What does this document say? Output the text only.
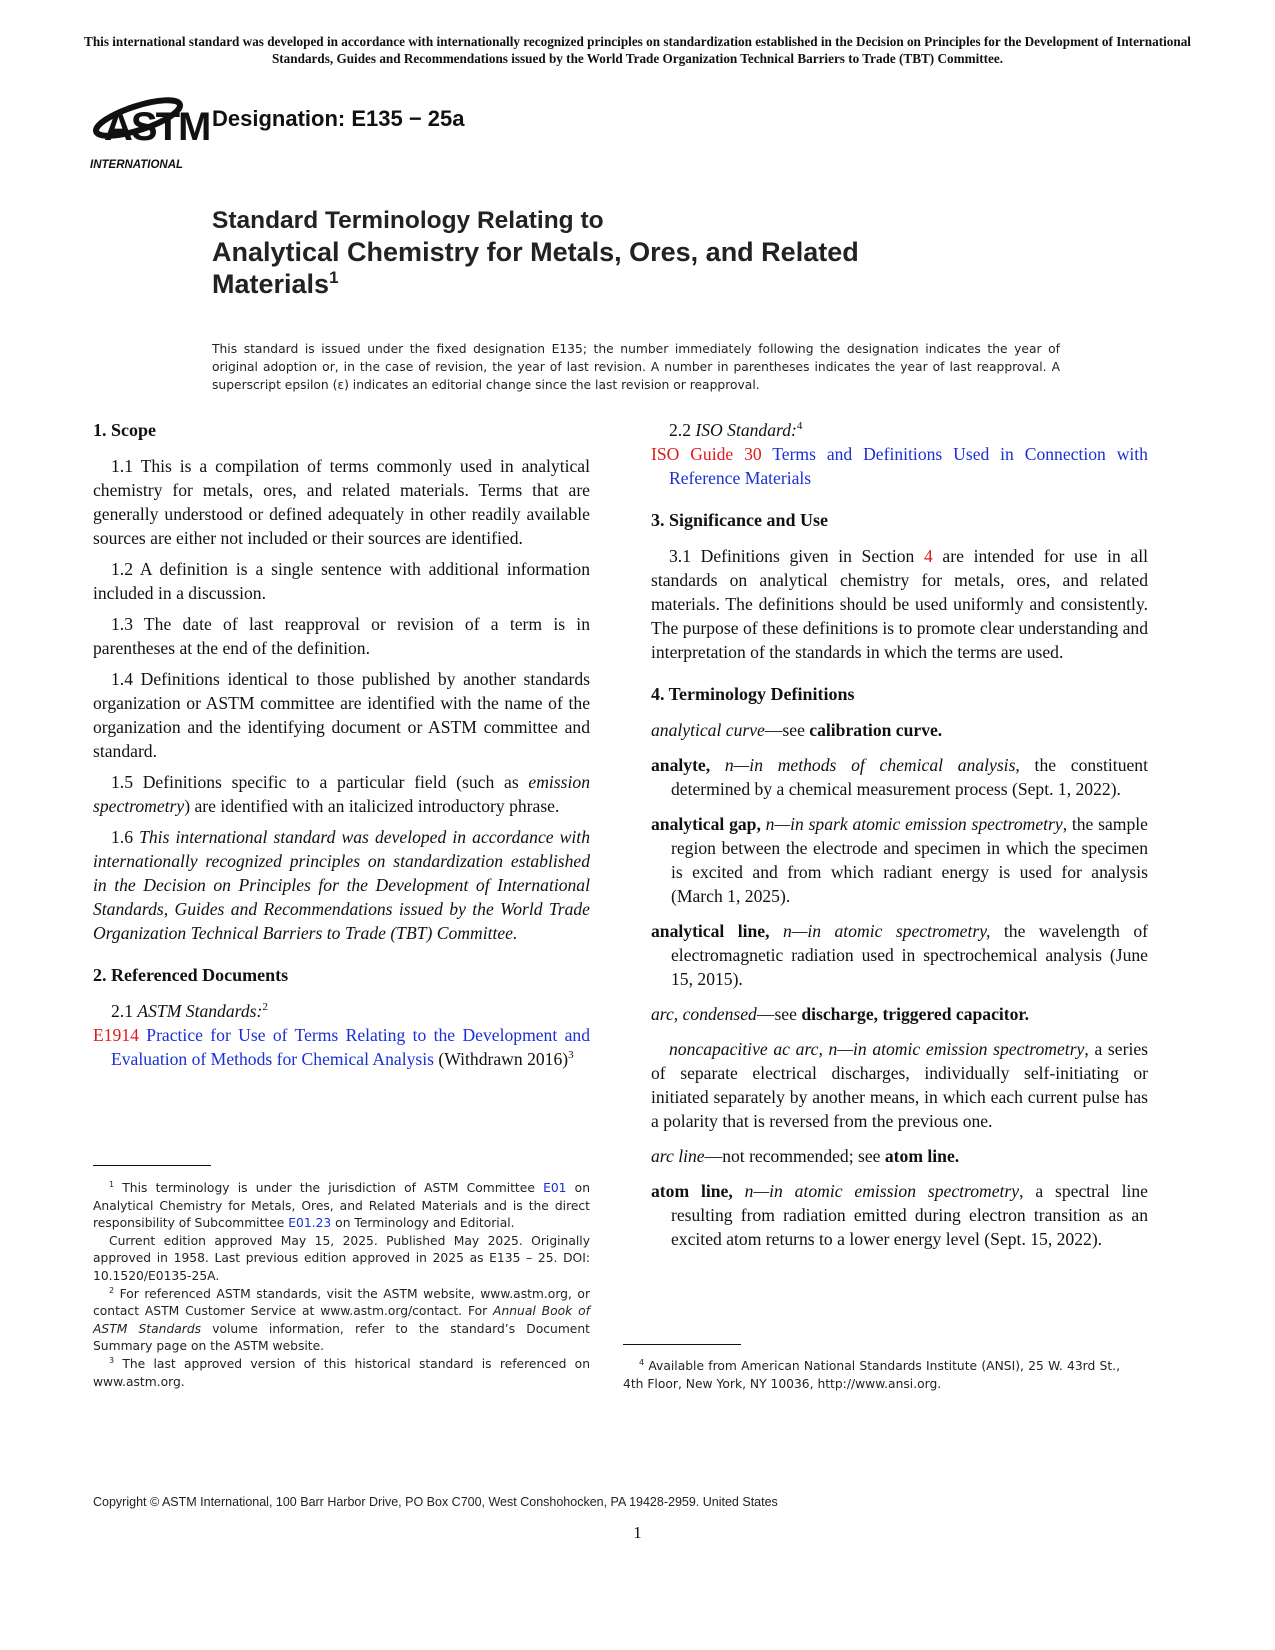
This international standard was developed in accordance with internationally recognized principles on standardization established in the Decision on Principles for the Development of International Standards, Guides and Recommendations issued by the World Trade Organization Technical Barriers to Trade (TBT) Committee.
ASTM
INTERNATIONAL
Designation: E135 − 25a
Standard Terminology Relating to
Analytical Chemistry for Metals, Ores, and Related
Materials$^1$
This standard is issued under the fixed designation E135; the number immediately following the designation indicates the year of original adoption or, in the case of revision, the year of last revision. A number in parentheses indicates the year of last reapproval. A superscript epsilon (ε) indicates an editorial change since the last revision or reapproval.
1. Scope

1.1 This is a compilation of terms commonly used in analytical chemistry for metals, ores, and related materials. Terms that are generally understood or defined adequately in other readily available sources are either not included or their sources are identified.

1.2 A definition is a single sentence with additional information included in a discussion.

1.3 The date of last reapproval or revision of a term is in parentheses at the end of the definition.

1.4 Definitions identical to those published by another standards organization or ASTM committee are identified with the name of the organization and the identifying document or ASTM committee and standard.

1.5 Definitions specific to a particular field (such as emission spectrometry) are identified with an italicized introductory phrase.

1.6 This international standard was developed in accordance with internationally recognized principles on standardization established in the Decision on Principles for the Development of International Standards, Guides and Recommendations issued by the World Trade Organization Technical Barriers to Trade (TBT) Committee.

2. Referenced Documents

2.1 ASTM Standards:$^2$

E1914 Practice for Use of Terms Relating to the Development and Evaluation of Methods for Chemical Analysis (Withdrawn 2016)$^3$

$^1$ This terminology is under the jurisdiction of ASTM Committee E01 on Analytical Chemistry for Metals, Ores, and Related Materials and is the direct responsibility of Subcommittee E01.23 on Terminology and Editorial.

Current edition approved May 15, 2025. Published May 2025. Originally approved in 1958. Last previous edition approved in 2025 as E135 – 25. DOI: 10.1520/E0135-25A.

$^2$ For referenced ASTM standards, visit the ASTM website, www.astm.org, or contact ASTM Customer Service at www.astm.org/contact. For Annual Book of ASTM Standards volume information, refer to the standard’s Document Summary page on the ASTM website.

$^3$ The last approved version of this historical standard is referenced on www.astm.org.

2.2 ISO Standard:$^4$

ISO Guide 30 Terms and Definitions Used in Connection with Reference Materials

3. Significance and Use

3.1 Definitions given in Section 4 are intended for use in all standards on analytical chemistry for metals, ores, and related materials. The definitions should be used uniformly and consistently. The purpose of these definitions is to promote clear understanding and interpretation of the standards in which the terms are used.

4. Terminology Definitions

analytical curve—see calibration curve.

analyte, n—in methods of chemical analysis, the constituent determined by a chemical measurement process (Sept. 1, 2022).

analytical gap, n—in spark atomic emission spectrometry, the sample region between the electrode and specimen in which the specimen is excited and from which radiant energy is used for analysis (March 1, 2025).

analytical line, n—in atomic spectrometry, the wavelength of electromagnetic radiation used in spectrochemical analysis (June 15, 2015).

arc, condensed—see discharge, triggered capacitor.

noncapacitive ac arc, n—in atomic emission spectrometry, a series of separate electrical discharges, individually self-initiating or initiated separately by another means, in which each current pulse has a polarity that is reversed from the previous one.

arc line—not recommended; see atom line.

atom line, n—in atomic emission spectrometry, a spectral line resulting from radiation emitted during electron transition as an excited atom returns to a lower energy level (Sept. 15, 2022).

$^4$ Available from American National Standards Institute (ANSI), 25 W. 43rd St., 4th Floor, New York, NY 10036, http://www.ansi.org.

Copyright © ASTM International, 100 Barr Harbor Drive, PO Box C700, West Conshohocken, PA 19428-2959. United States
1
